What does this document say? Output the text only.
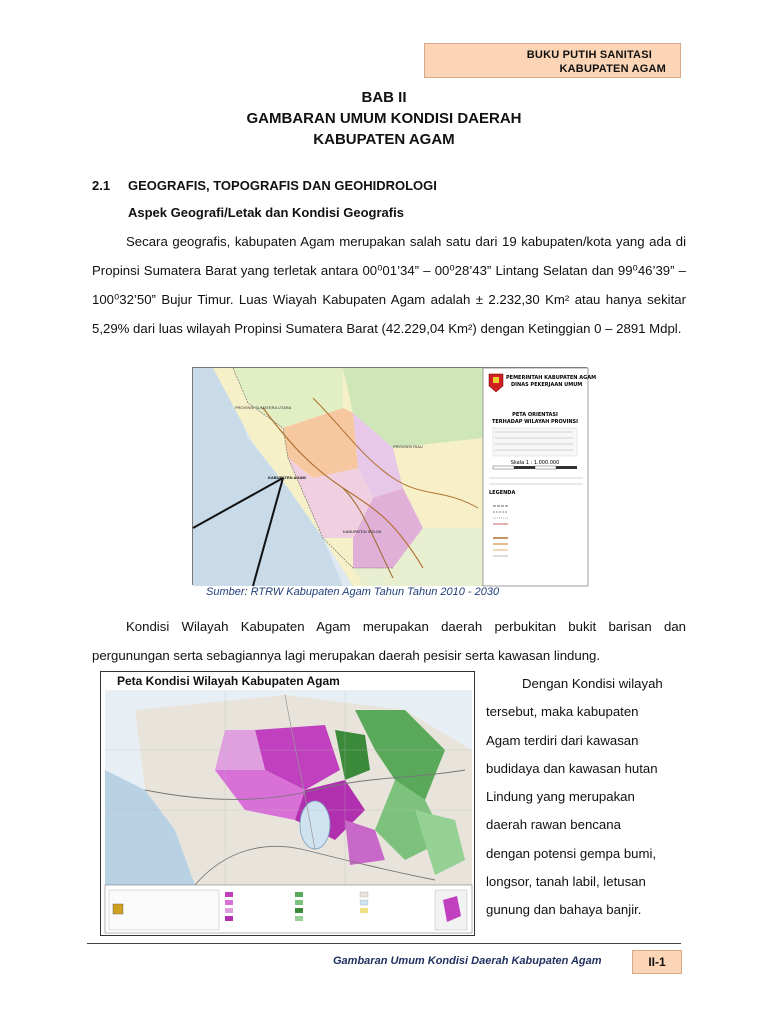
BUKU PUTIH SANITASI
KABUPATEN AGAM
BAB II
GAMBARAN UMUM KONDISI DAERAH
KABUPATEN AGAM
2.1 GEOGRAFIS, TOPOGRAFIS DAN GEOHIDROLOGI
Aspek Geografi/Letak dan Kondisi Geografis

Secara geografis, kabupaten Agam merupakan salah satu dari 19 kabupaten/kota yang ada di Propinsi Sumatera Barat yang terletak antara 00⁰01’34” – 00⁰28’43” Lintang Selatan dan 99⁰46’39” – 100⁰32’50” Bujur Timur. Luas Wiayah Kabupaten Agam adalah ± 2.232,30 Km² atau hanya sekitar 5,29% dari luas wilayah Propinsi Sumatera Barat (42.229,04 Km²) dengan Ketinggian 0 – 2891 Mdpl.

PROVINSI SUMATERA UTARA
PROVINSI RIAU
KABUPATEN AGAM
KABUPATEN SOLOK
PEMERINTAH KABUPATEN AGAM
DINAS PEKERJAAN UMUM
PETA ORIENTASI
TERHADAP WILAYAH PROVINSI
Skala 1 : 1.000.000
LEGENDA
Sumber: RTRW Kabupaten Agam Tahun Tahun 2010 - 2030

Kondisi Wilayah Kabupaten Agam merupakan daerah perbukitan bukit barisan dan pergunungan serta sebagiannya lagi merupakan daerah pesisir serta kawasan lindung.

Peta Kondisi Wilayah Kabupaten Agam	Dengan Kondisi wilayah
tersebut, maka kabupaten
Agam terdiri dari kawasan
budidaya dan kawasan hutan
Lindung yang merupakan
daerah rawan bencana
dengan potensi gempa bumi,
longsor, tanah labil, letusan
gunung dan bahaya banjir.
Gambaran Umum Kondisi Daerah Kabupaten Agam	II-1
